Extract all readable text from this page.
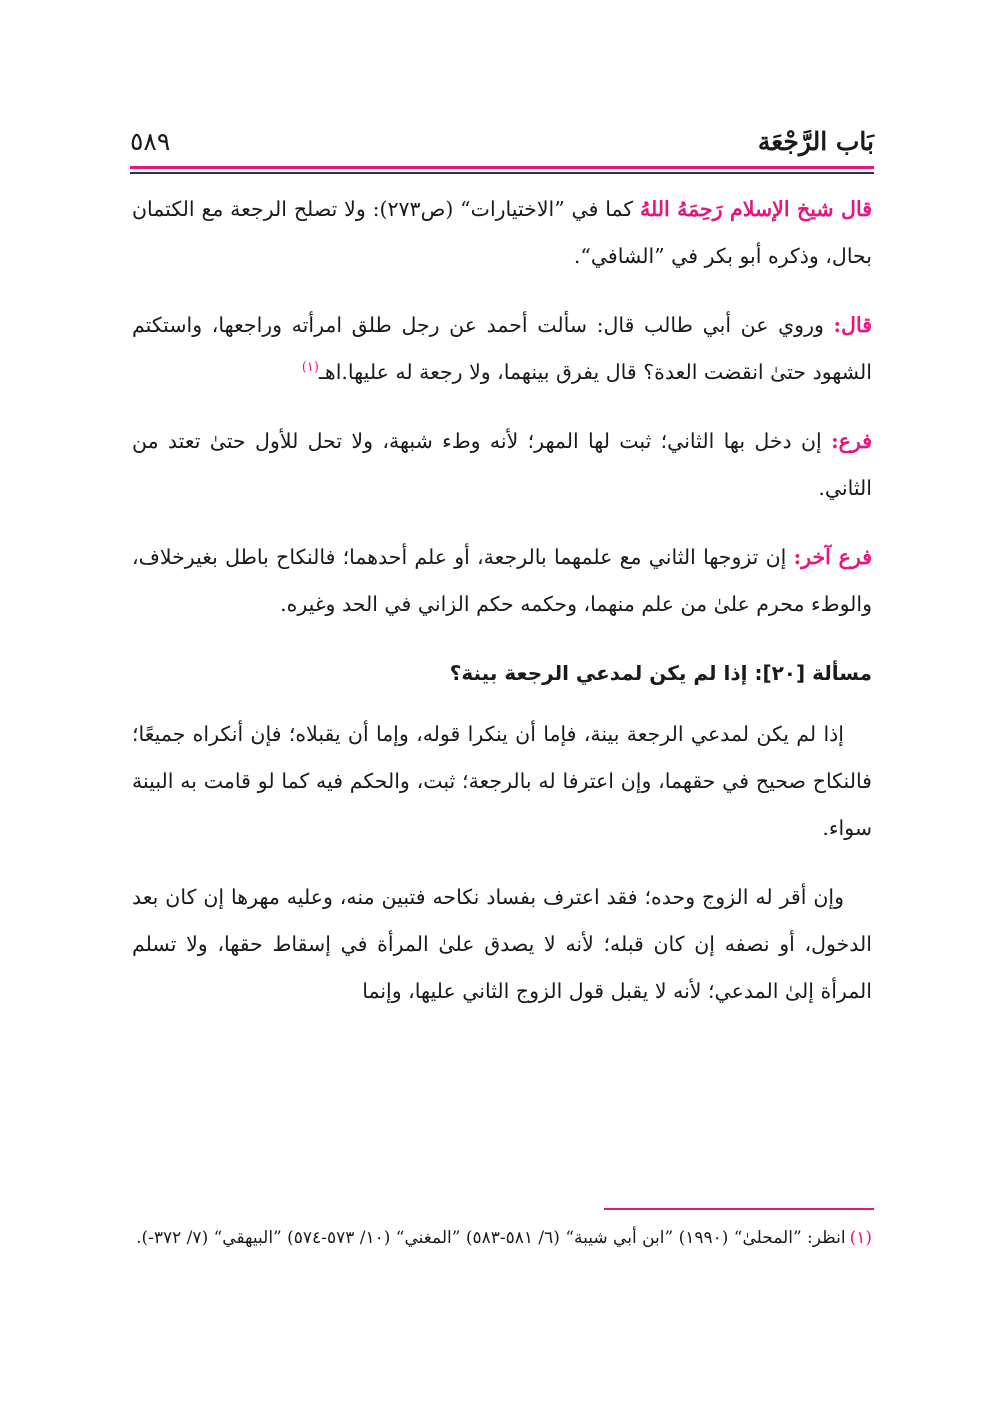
بَاب الرَّجْعَة
٥٨٩

قال شيخ الإسلام رَحِمَهُ اللهُ كما في ”الاختيارات“ (ص٢٧٣): ولا تصلح الرجعة مع الكتمان بحال، وذكره أبو بكر في ”الشافي“.

قال: وروي عن أبي طالب قال: سألت أحمد عن رجل طلق امرأته وراجعها، واستكتم الشهود حتىٰ انقضت العدة؟ قال يفرق بينهما، ولا رجعة له عليها.اهـ$^{(١)}$

فرع: إن دخل بها الثاني؛ ثبت لها المهر؛ لأنه وطء شبهة، ولا تحل للأول حتىٰ تعتد من الثاني.

فرع آخر: إن تزوجها الثاني مع علمهما بالرجعة، أو علم أحدهما؛ فالنكاح باطل بغيرخلاف، والوطء محرم علىٰ من علم منهما، وحكمه حكم الزاني في الحد وغيره.

مسألة [٢٠]: إذا لم يكن لمدعي الرجعة بينة؟

إذا لم يكن لمدعي الرجعة بينة، فإما أن ينكرا قوله، وإما أن يقبلاه؛ فإن أنكراه جميعًا؛ فالنكاح صحيح في حقهما، وإن اعترفا له بالرجعة؛ ثبت، والحكم فيه كما لو قامت به البينة سواء.

وإن أقر له الزوج وحده؛ فقد اعترف بفساد نكاحه فتبين منه، وعليه مهرها إن كان بعد الدخول، أو نصفه إن كان قبله؛ لأنه لا يصدق علىٰ المرأة في إسقاط حقها، ولا تسلم المرأة إلىٰ المدعي؛ لأنه لا يقبل قول الزوج الثاني عليها، وإنما

(١)انظر: ”المحلىٰ“ (١٩٩٠) ”ابن أبي شيبة“ (٦/ ٥٨١-٥٨٣) ”المغني“ (١٠/ ٥٧٣-٥٧٤) ”البيهقي“ (٧/ ٣٧٢-).
